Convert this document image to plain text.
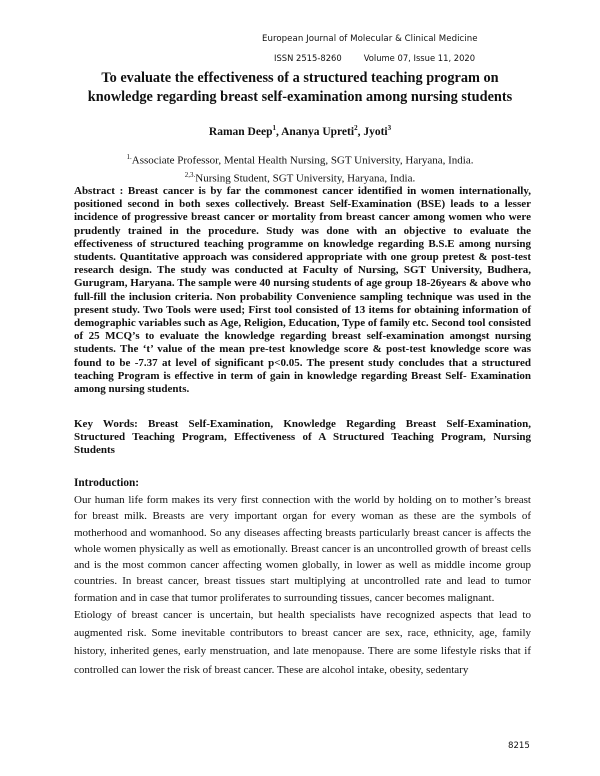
European Journal of Molecular & Clinical Medicine
ISSN 2515-8260	Volume 07, Issue 11, 2020
To evaluate the effectiveness of a structured teaching program on
knowledge regarding breast self-examination among nursing students
Raman Deep$^1$, Ananya Upreti$^2$, Jyoti$^3$
$^{1.}$Associate Professor, Mental Health Nursing, SGT University, Haryana, India.
$^{2,3.}$Nursing Student, SGT University, Haryana, India.

Abstract : Breast cancer is by far the commonest cancer identified in women internationally, positioned second in both sexes collectively. Breast Self-Examination (BSE) leads to a lesser incidence of progressive breast cancer or mortality from breast cancer among women who were prudently trained in the procedure. Study was done with an objective to evaluate the effectiveness of structured teaching programme on knowledge regarding B.S.E among nursing students. Quantitative approach was considered appropriate with one group pretest & post-test research design. The study was conducted at Faculty of Nursing, SGT University, Budhera, Gurugram, Haryana. The sample were 40 nursing students of age group 18-26years & above who full-fill the inclusion criteria. Non probability Convenience sampling technique was used in the present study. Two Tools were used; First tool consisted of 13 items for obtaining information of demographic variables such as Age, Religion, Education, Type of family etc. Second tool consisted of 25 MCQ’s to evaluate the knowledge regarding breast self-examination amongst nursing students. The ‘t’ value of the mean pre-test knowledge score & post-test knowledge score was found to be -7.37 at level of significant p<0.05. The present study concludes that a structured teaching Program is effective in term of gain in knowledge regarding Breast Self- Examination among nursing students.

Key Words: Breast Self-Examination, Knowledge Regarding Breast Self-Examination, Structured Teaching Program, Effectiveness of A Structured Teaching Program, Nursing Students
Introduction:

Our human life form makes its very first connection with the world by holding on to mother’s breast for breast milk. Breasts are very important organ for every woman as these are the symbols of motherhood and womanhood. So any diseases affecting breasts particularly breast cancer is affects the whole women physically as well as emotionally. Breast cancer is an uncontrolled growth of breast cells and is the most common cancer affecting women globally, in lower as well as middle income group countries. In breast cancer, breast tissues start multiplying at uncontrolled rate and lead to tumor formation and in case that tumor proliferates to surrounding tissues, cancer becomes malignant.

Etiology of breast cancer is uncertain, but health specialists have recognized aspects that lead to augmented risk. Some inevitable contributors to breast cancer are sex, race, ethnicity, age, family history, inherited genes, early menstruation, and late menopause. There are some lifestyle risks that if controlled can lower the risk of breast cancer. These are alcohol intake, obesity, sedentary

8215
